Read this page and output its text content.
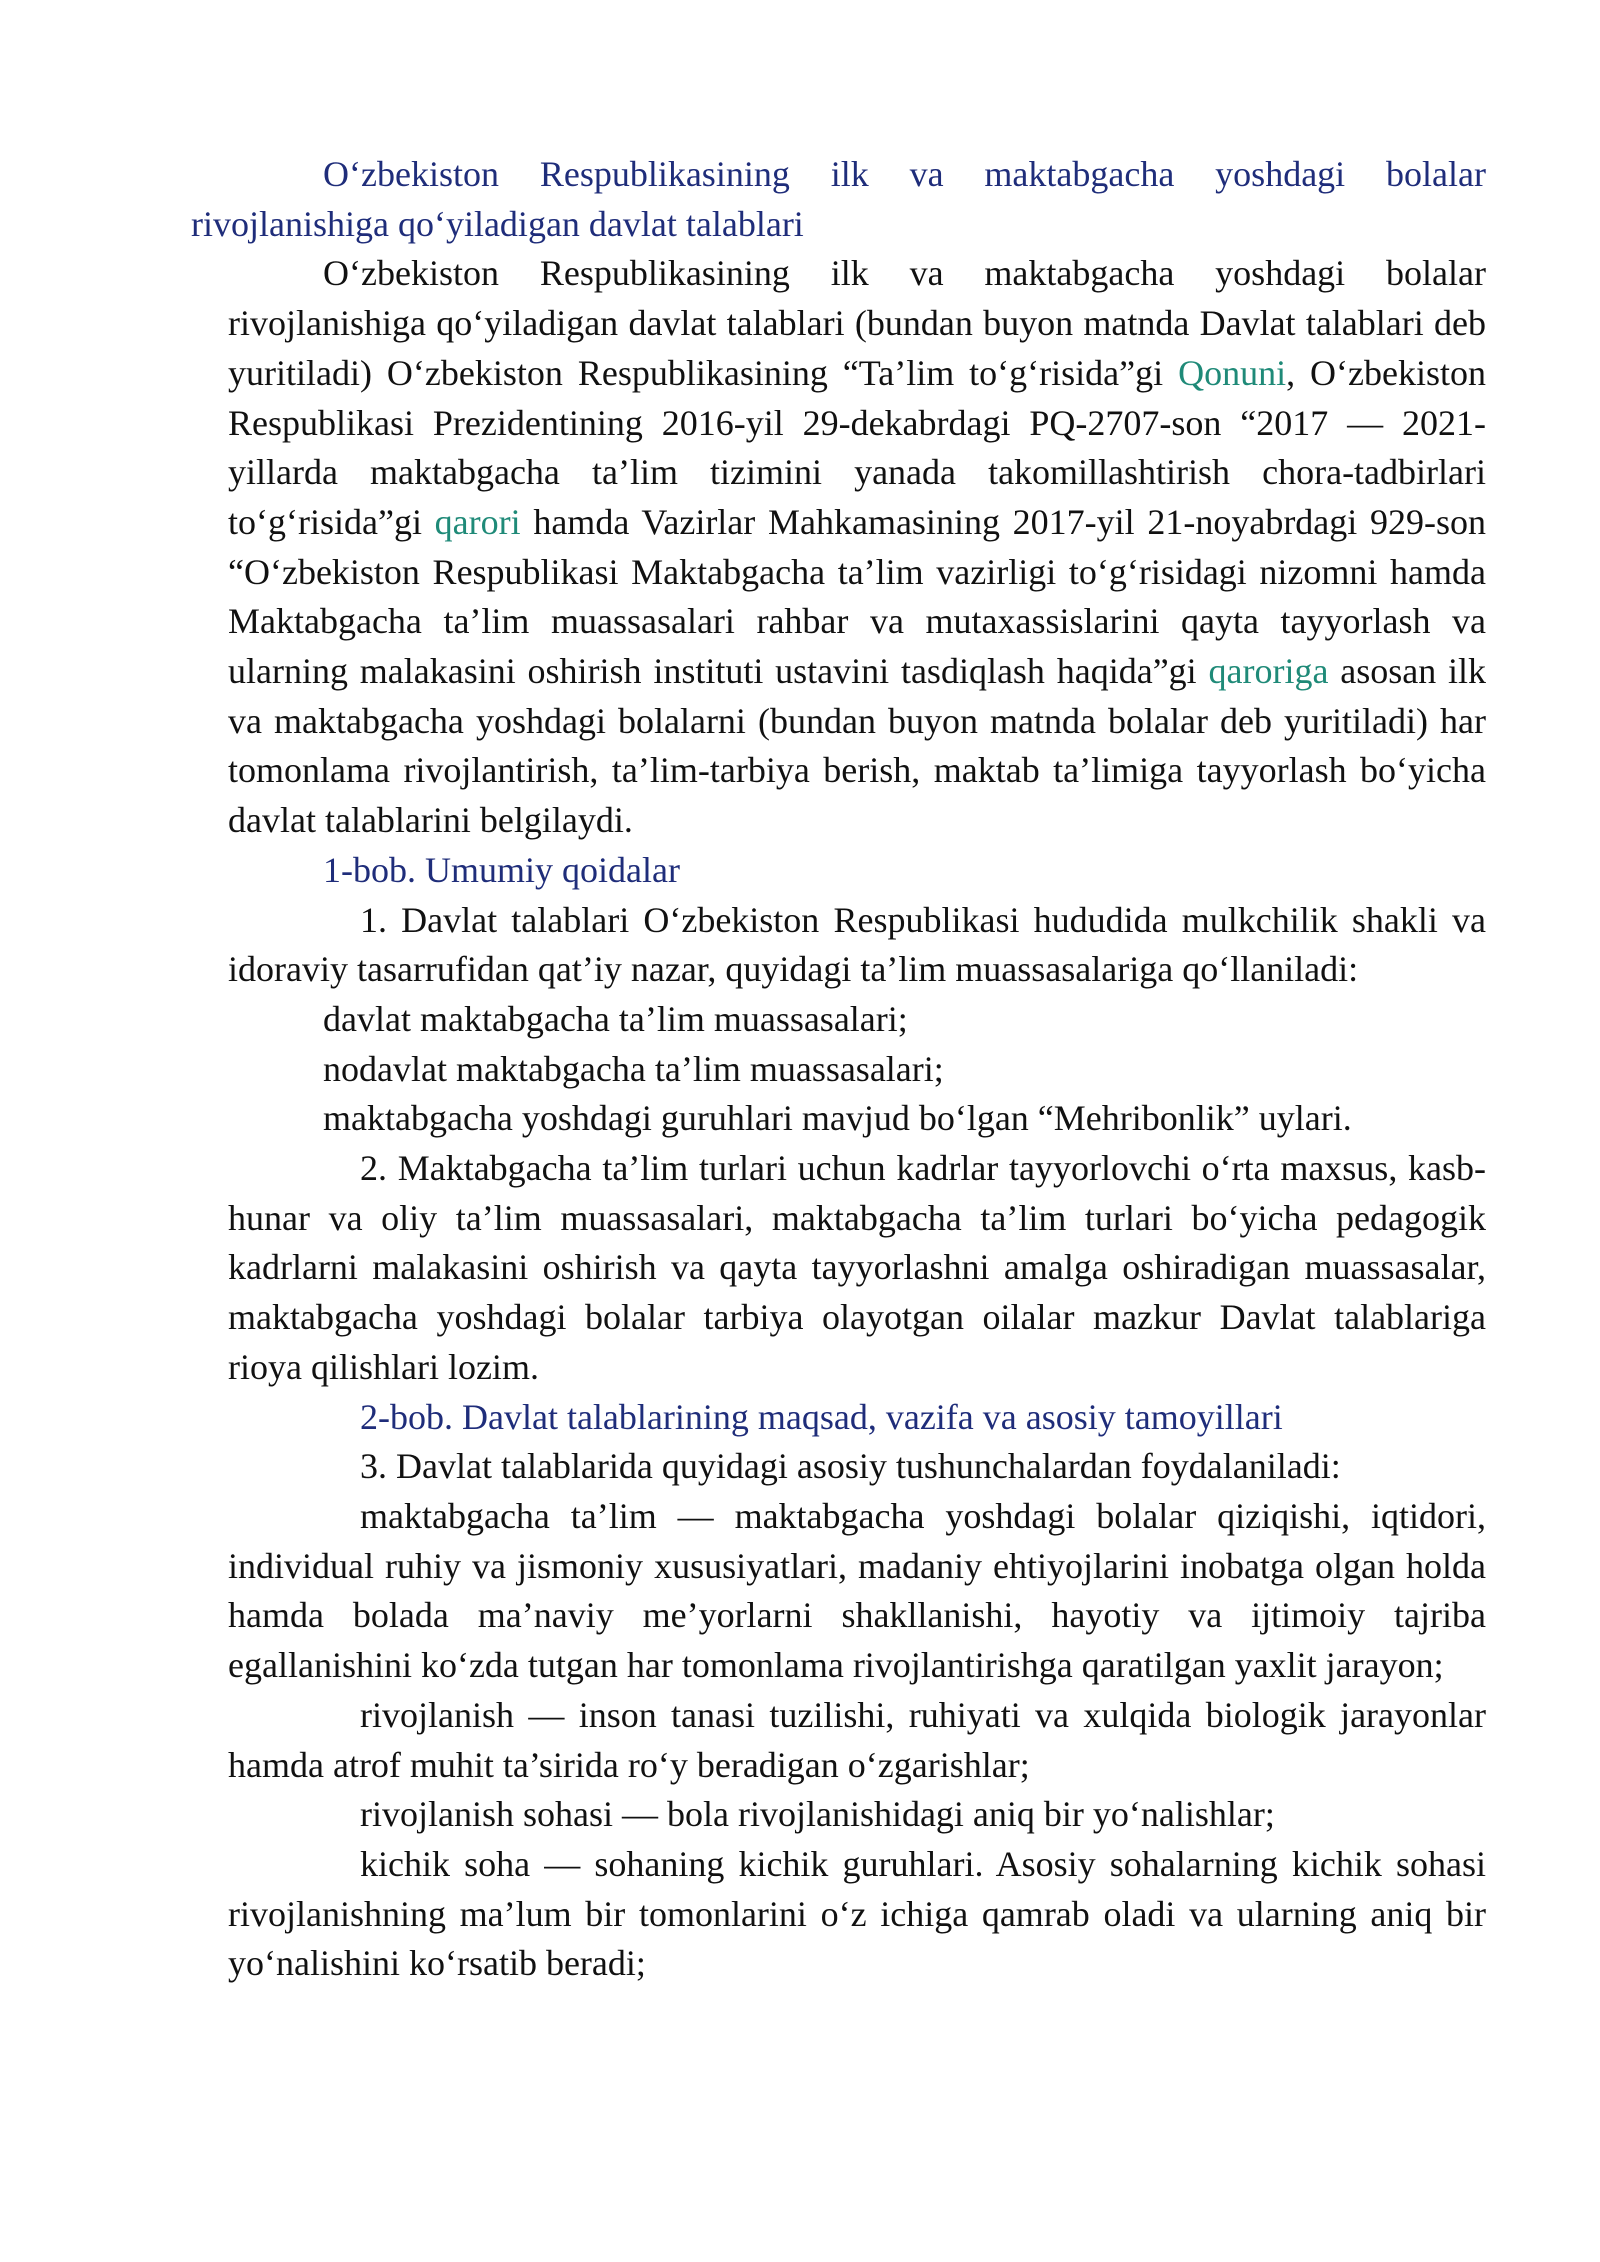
O‘zbekiston Respublikasining ilk va maktabgacha yoshdagi bolalar rivojlanishiga qo‘yiladigan davlat talablari

O‘zbekiston Respublikasining ilk va maktabgacha yoshdagi bolalar rivojlanishiga qo‘yiladigan davlat talablari (bundan buyon matnda Davlat talablari deb yuritiladi) O‘zbekiston Respublikasining “Ta’lim to‘g‘risida”gi Qonuni, O‘zbekiston Respublikasi Prezidentining 2016-yil 29-dekabrdagi PQ-2707-son “2017 — 2021-yillarda maktabgacha ta’lim tizimini yanada takomillashtirish chora-tadbirlari to‘g‘risida”gi qarori hamda Vazirlar Mahkamasining 2017-yil 21-noyabrdagi 929-son “O‘zbekiston Respublikasi Maktabgacha ta’lim vazirligi to‘g‘risidagi nizomni hamda Maktabgacha ta’lim muassasalari rahbar va mutaxassislarini qayta tayyorlash va ularning malakasini oshirish instituti ustavini tasdiqlash haqida”gi qaroriga asosan ilk va maktabgacha yoshdagi bolalarni (bundan buyon matnda bolalar deb yuritiladi) har tomonlama rivojlantirish, ta’lim-tarbiya berish, maktab ta’limiga tayyorlash bo‘yicha davlat talablarini belgilaydi.

1-bob. Umumiy qoidalar

1. Davlat talablari O‘zbekiston Respublikasi hududida mulkchilik shakli va idoraviy tasarrufidan qat’iy nazar, quyidagi ta’lim muassasalariga qo‘llaniladi:

davlat maktabgacha ta’lim muassasalari;

nodavlat maktabgacha ta’lim muassasalari;

maktabgacha yoshdagi guruhlari mavjud bo‘lgan “Mehribonlik” uylari.

2. Maktabgacha ta’lim turlari uchun kadrlar tayyorlovchi o‘rta maxsus, kasb-hunar va oliy ta’lim muassasalari, maktabgacha ta’lim turlari bo‘yicha pedagogik kadrlarni malakasini oshirish va qayta tayyorlashni amalga oshiradigan muassasalar, maktabgacha yoshdagi bolalar tarbiya olayotgan oilalar mazkur Davlat talablariga rioya qilishlari lozim.

2-bob. Davlat talablarining maqsad, vazifa va asosiy tamoyillari

3. Davlat talablarida quyidagi asosiy tushunchalardan foydalaniladi:

maktabgacha ta’lim — maktabgacha yoshdagi bolalar qiziqishi, iqtidori, individual ruhiy va jismoniy xususiyatlari, madaniy ehtiyojlarini inobatga olgan holda hamda bolada ma’naviy me’yorlarni shakllanishi, hayotiy va ijtimoiy tajriba egallanishini ko‘zda tutgan har tomonlama rivojlantirishga qaratilgan yaxlit jarayon;

rivojlanish — inson tanasi tuzilishi, ruhiyati va xulqida biologik jarayonlar hamda atrof muhit ta’sirida ro‘y beradigan o‘zgarishlar;

rivojlanish sohasi — bola rivojlanishidagi aniq bir yo‘nalishlar;

kichik soha — sohaning kichik guruhlari. Asosiy sohalarning kichik sohasi rivojlanishning ma’lum bir tomonlarini o‘z ichiga qamrab oladi va ularning aniq bir yo‘nalishini ko‘rsatib beradi;
